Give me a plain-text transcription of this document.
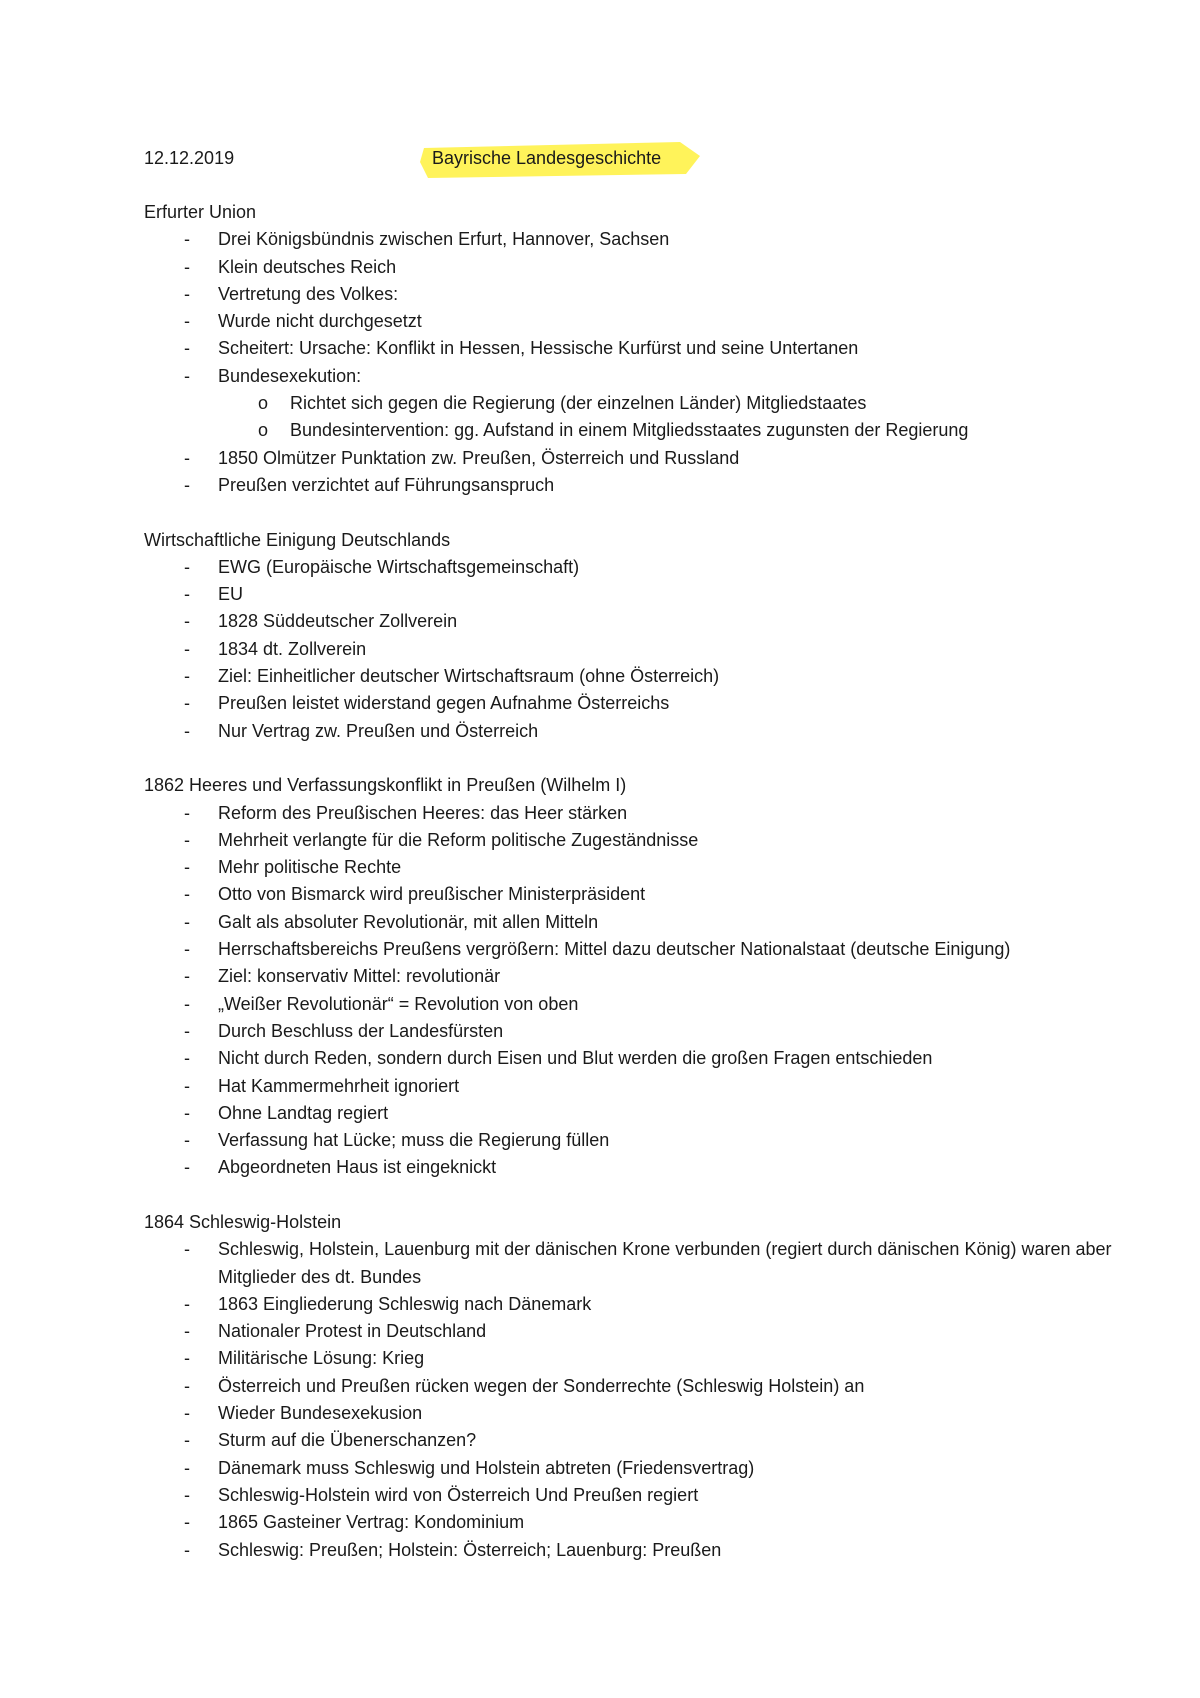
12.12.2019	Bayrische Landesgeschichte
Erfurter Union
- Drei Königsbündnis zwischen Erfurt, Hannover, Sachsen
- Klein deutsches Reich
- Vertretung des Volkes:
- Wurde nicht durchgesetzt
- Scheitert: Ursache: Konflikt in Hessen, Hessische Kurfürst und seine Untertanen
- Bundesexekution:
o Richtet sich gegen die Regierung (der einzelnen Länder) Mitgliedstaates
o Bundesintervention: gg. Aufstand in einem Mitgliedsstaates zugunsten der Regierung
- 1850 Olmützer Punktation zw. Preußen, Österreich und Russland
- Preußen verzichtet auf Führungsanspruch
Wirtschaftliche Einigung Deutschlands
- EWG (Europäische Wirtschaftsgemeinschaft)
- EU
- 1828 Süddeutscher Zollverein
- 1834 dt. Zollverein
- Ziel: Einheitlicher deutscher Wirtschaftsraum (ohne Österreich)
- Preußen leistet widerstand gegen Aufnahme Österreichs
- Nur Vertrag zw. Preußen und Österreich
1862 Heeres und Verfassungskonflikt in Preußen (Wilhelm I)
- Reform des Preußischen Heeres: das Heer stärken
- Mehrheit verlangte für die Reform politische Zugeständnisse
- Mehr politische Rechte
- Otto von Bismarck wird preußischer Ministerpräsident
- Galt als absoluter Revolutionär, mit allen Mitteln
- Herrschaftsbereichs Preußens vergrößern: Mittel dazu deutscher Nationalstaat (deutsche Einigung)
- Ziel: konservativ Mittel: revolutionär
- „Weißer Revolutionär“ = Revolution von oben
- Durch Beschluss der Landesfürsten
- Nicht durch Reden, sondern durch Eisen und Blut werden die großen Fragen entschieden
- Hat Kammermehrheit ignoriert
- Ohne Landtag regiert
- Verfassung hat Lücke; muss die Regierung füllen
- Abgeordneten Haus ist eingeknickt
1864 Schleswig-Holstein
- Schleswig, Holstein, Lauenburg mit der dänischen Krone verbunden (regiert durch dänischen König) waren aber Mitglieder des dt. Bundes
- 1863 Eingliederung Schleswig nach Dänemark
- Nationaler Protest in Deutschland
- Militärische Lösung: Krieg
- Österreich und Preußen rücken wegen der Sonderrechte (Schleswig Holstein) an
- Wieder Bundesexekusion
- Sturm auf die Übenerschanzen?
- Dänemark muss Schleswig und Holstein abtreten (Friedensvertrag)
- Schleswig-Holstein wird von Österreich Und Preußen regiert
- 1865 Gasteiner Vertrag: Kondominium
- Schleswig: Preußen; Holstein: Österreich; Lauenburg: Preußen
